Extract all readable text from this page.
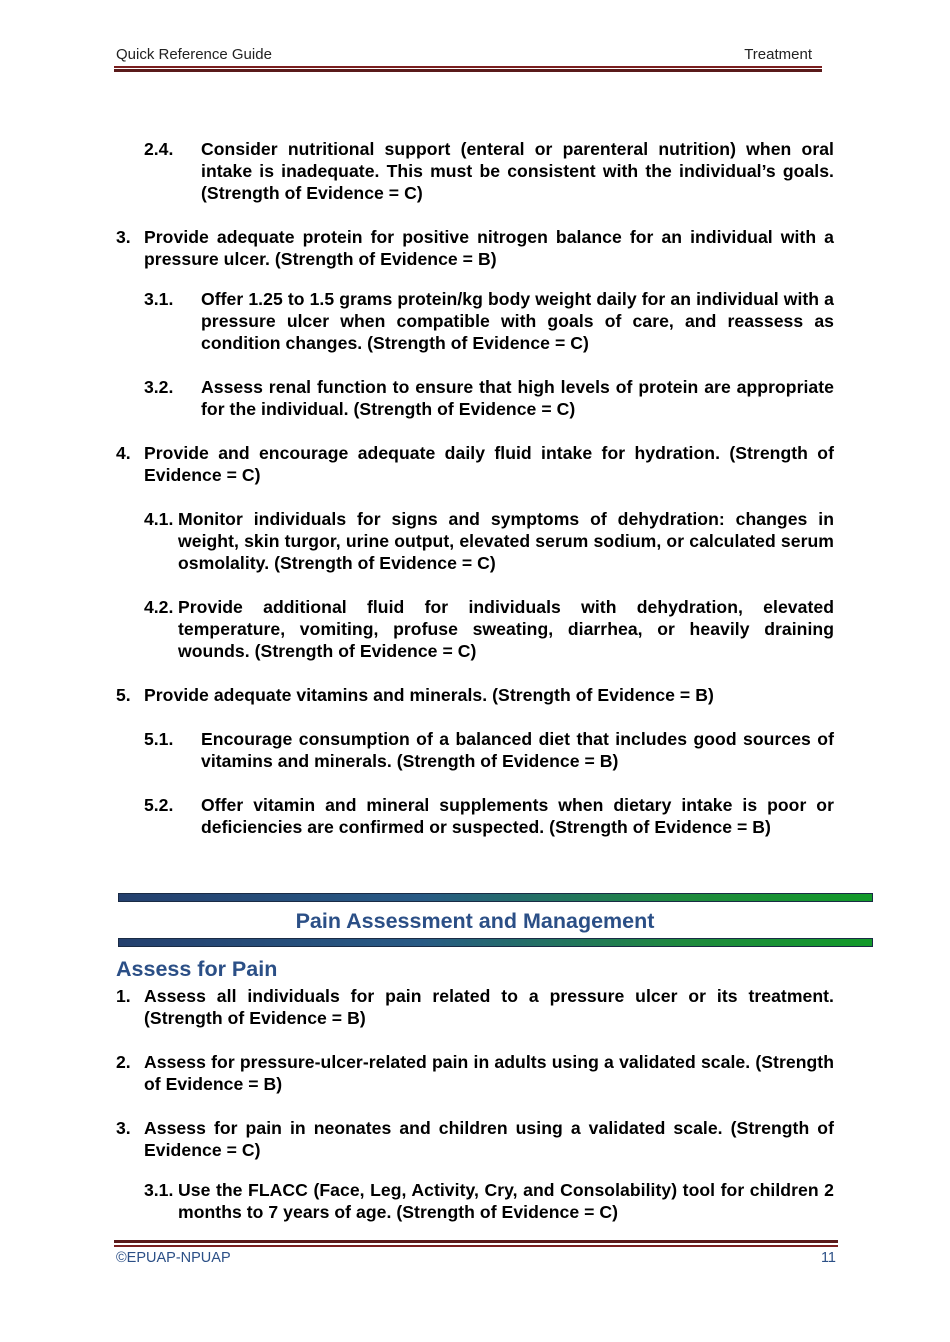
Quick Reference Guide	Treatment
2.4. Consider nutritional support (enteral or parenteral nutrition) when oral intake is inadequate. This must be consistent with the individual’s goals. (Strength of Evidence = C)
3. Provide adequate protein for positive nitrogen balance for an individual with a pressure ulcer. (Strength of Evidence = B)
3.1. Offer 1.25 to 1.5 grams protein/kg body weight daily for an individual with a pressure ulcer when compatible with goals of care, and reassess as condition changes. (Strength of Evidence = C)
3.2. Assess renal function to ensure that high levels of protein are appropriate for the individual. (Strength of Evidence = C)
4. Provide and encourage adequate daily fluid intake for hydration. (Strength of Evidence = C)
4.1. Monitor individuals for signs and symptoms of dehydration: changes in weight, skin turgor, urine output, elevated serum sodium, or calculated serum osmolality. (Strength of Evidence = C)
4.2. Provide additional fluid for individuals with dehydration, elevated temperature, vomiting, profuse sweating, diarrhea, or heavily draining wounds. (Strength of Evidence = C)
5. Provide adequate vitamins and minerals. (Strength of Evidence = B)
5.1. Encourage consumption of a balanced diet that includes good sources of vitamins and minerals. (Strength of Evidence = B)
5.2. Offer vitamin and mineral supplements when dietary intake is poor or deficiencies are confirmed or suspected. (Strength of Evidence = B)
Pain Assessment and Management
Assess for Pain
1. Assess all individuals for pain related to a pressure ulcer or its treatment. (Strength of Evidence = B)
2. Assess for pressure-ulcer-related pain in adults using a validated scale. (Strength of Evidence = B)
3. Assess for pain in neonates and children using a validated scale. (Strength of Evidence = C)
3.1. Use the FLACC (Face, Leg, Activity, Cry, and Consolability) tool for children 2 months to 7 years of age. (Strength of Evidence = C)
©EPUAP-NPUAP	11
